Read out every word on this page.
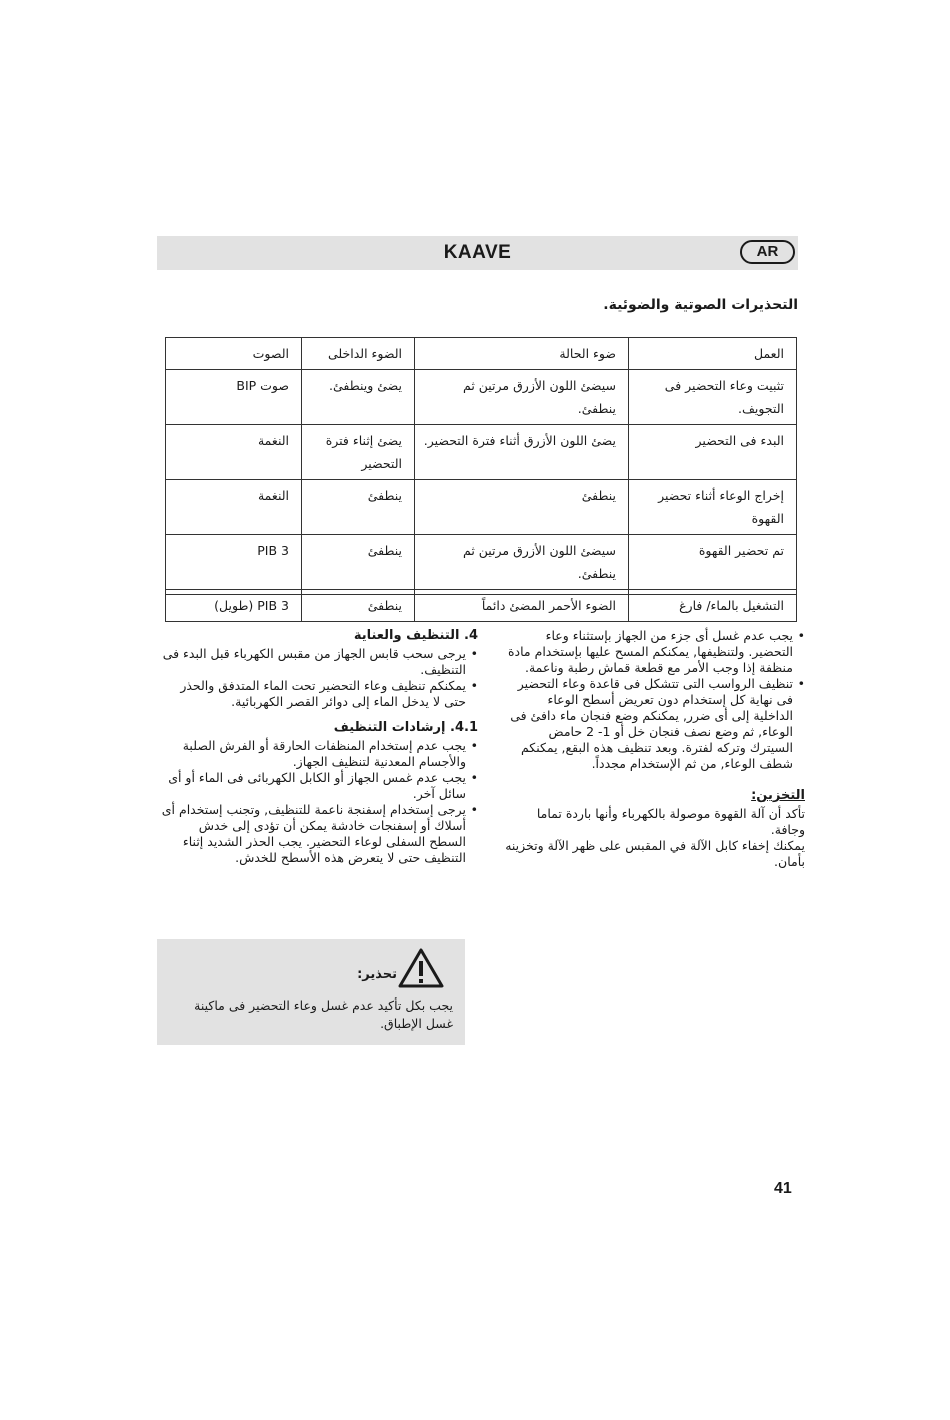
KAAVE	AR
التحذيرات الصوتية والضوئية.
العمل	ضوء الحالة	الضوء الداخلى	الصوت
تثبيت وعاء التحضير فى التجويف.	سيضئ اللون الأزرق مرتين ثم ينطفئ.	يضئ وينطفئ.	صوت BIP
البدء فى التحضير	يضئ اللون الأزرق أثناء فترة التحضير.	يضئ إثناء فترة التحضير	النغمة
إخراج الوعاء أثناء تحضير القهوة	ينطفئ	ينطفئ	النغمة
تم تحضير القهوة	سيضئ اللون الأزرق مرتين ثم ينطفئ.	ينطفئ	PIB 3
التشغيل بالماء/ فارغ	الضوء الأحمر المضئ دائماً	ينطفئ	PIB 3 (طويل)
• يجب عدم غسل أى جزء من الجهاز بإستثناء وعاء التحضير. ولتنظيفها, يمكنكم المسح عليها بإستخدام مادة منظفة إذا وجب الأمر مع قطعة قماش رطبة وناعمة.
• تنظيف الرواسب التى تتشكل فى قاعدة وعاء التحضير فى نهاية كل إستخدام دون تعريض أسطح الوعاء الداخلية إلى أى ضرر, يمكنكم وضع فنجان ماء دافئ فى الوعاء, ثم وضع نصف فنجان خل أو 1- 2 حامض السيترك وتركه لفترة. وبعد تنظيف هذه البقع, يمكنكم شطف الوعاء, من ثم الإستخدام مجدداً.
التخزين:
تأكد أن آلة القهوة موصولة بالكهرباء وأنها باردة تماما وجافة.
يمكنك إخفاء كابل الآلة في المقبس على ظهر الآلة وتخزينه بأمان.
4. التنظيف والعناية
• يرجى سحب قابس الجهاز من مقبس الكهرباء قبل البدء فى التنظيف.
• يمكنكم تنظيف وعاء التحضير تحت الماء المتدفق والحذر حتى لا يدخل الماء إلى دوائر القصر الكهربائية.
4.1. إرشادات التنظيف
• يجب عدم إستخدام المنظفات الحارقة أو الفرش الصلبة والأجسام المعدنية لتنظيف الجهاز.
• يجب عدم غمس الجهاز أو الكابل الكهربائى فى الماء أو أى سائل آخر.
• يرجى إستخدام إسفنجة ناعمة للتنظيف, وتجنب إستخدام أى أسلاك أو إسفنجات خادشة يمكن أن تؤدى إلى خدش السطح السفلى لوعاء التحضير. يجب الحذر الشديد إثناء التنظيف حتى لا يتعرض هذه الأسطح للخدش.
تحذير:
يجب بكل تأكيد عدم غسل وعاء التحضير فى ماكينة غسل الإطباق.
41
